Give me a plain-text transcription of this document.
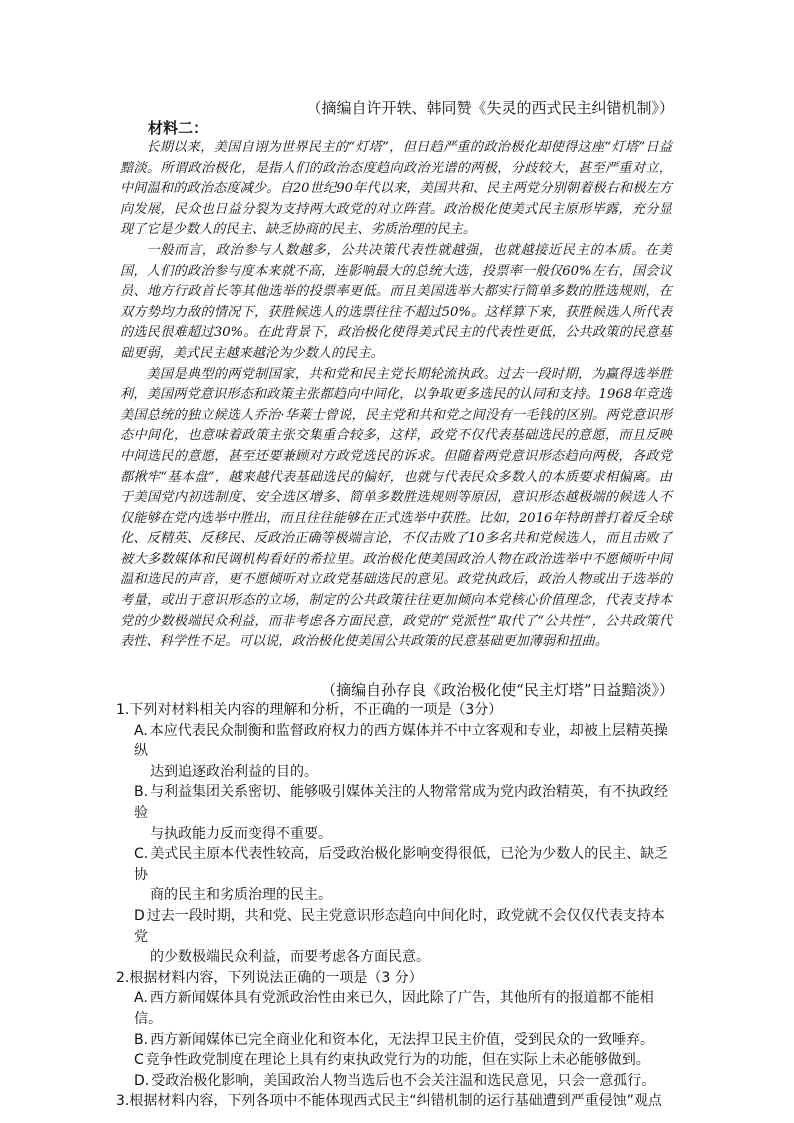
（摘编自许开轶、韩同赞《失灵的西式民主纠错机制》）
材料二：

长期以来，美国自诩为世界民主的“灯塔”，但日趋严重的政治极化却使得这座“灯塔”日益黯淡。所谓政治极化，是指人们的政治态度趋向政治光谱的两极，分歧较大，甚至严重对立，中间温和的政治态度减少。自20世纪90年代以来，美国共和、民主两党分别朝着极右和极左方向发展，民众也日益分裂为支持两大政党的对立阵营。政治极化使美式民主原形毕露，充分显现了它是少数人的民主、缺乏协商的民主、劣质治理的民主。

一般而言，政治参与人数越多，公共决策代表性就越强，也就越接近民主的本质。在美国，人们的政治参与度本来就不高，连影响最大的总统大选，投票率一般仅60%左右，国会议员、地方行政首长等其他选举的投票率更低。而且美国选举大都实行简单多数的胜选规则，在双方势均力敌的情况下，获胜候选人的选票往往不超过50%。这样算下来，获胜候选人所代表的选民很难超过30%。在此背景下，政治极化使得美式民主的代表性更低，公共政策的民意基础更弱，美式民主越来越沦为少数人的民主。

美国是典型的两党制国家，共和党和民主党长期轮流执政。过去一段时期，为赢得选举胜利，美国两党意识形态和政策主张都趋向中间化，以争取更多选民的认同和支持。1968年竞选美国总统的独立候选人乔治·华莱士曾说，民主党和共和党之间没有一毛钱的区别。两党意识形态中间化，也意味着政策主张交集重合较多，这样，政党不仅代表基础选民的意愿，而且反映中间选民的意愿，甚至还要兼顾对方政党选民的诉求。但随着两党意识形态趋向两极，各政党都揪牢“基本盘”，越来越代表基础选民的偏好，也就与代表民众多数人的本质要求相偏离。由于美国党内初选制度、安全选区增多、简单多数胜选规则等原因，意识形态越极端的候选人不仅能够在党内选举中胜出，而且往往能够在正式选举中获胜。比如，2016年特朗普打着反全球化、反精英、反移民、反政治正确等极端言论，不仅击败了10多名共和党候选人，而且击败了被大多数媒体和民调机构看好的希拉里。政治极化使美国政治人物在政治选举中不愿倾听中间温和选民的声音，更不愿倾听对立政党基础选民的意见。政党执政后，政治人物或出于选举的考量，或出于意识形态的立场，制定的公共政策往往更加倾向本党核心价值理念，代表支持本党的少数极端民众利益，而非考虑各方面民意，政党的“党派性”取代了“公共性”，公共政策代表性、科学性不足。可以说，政治极化使美国公共政策的民意基础更加薄弱和扭曲。

（摘编自孙存良《政治极化使“民主灯塔”日益黯淡》）
1.下列对材料相关内容的理解和分析，不正确的一项是（3分）
A. 本应代表民众制衡和监督政府权力的西方媒体并不中立客观和专业，却被上层精英操纵
达到追逐政治利益的目的。
B. 与利益集团关系密切、能够吸引媒体关注的人物常常成为党内政治精英，有不执政经验
与执政能力反而变得不重要。
C. 美式民主原本代表性较高，后受政治极化影响变得很低，已沦为少数人的民主、缺乏协
商的民主和劣质治理的民主。
D 过去一段时期，共和党、民主党意识形态趋向中间化时，政党就不会仅仅代表支持本党
的少数极端民众利益，而要考虑各方面民意。
2.根据材料内容，下列说法正确的一项是（3 分）
A. 西方新闻媒体具有党派政治性由来已久，因此除了广告，其他所有的报道都不能相信。
B. 西方新闻媒体已完全商业化和资本化，无法捍卫民主价值，受到民众的一致唾弃。
C 竞争性政党制度在理论上具有约束执政党行为的功能，但在实际上未必能够做到。
D. 受政治极化影响，美国政治人物当选后也不会关注温和选民意见，只会一意孤行。
3.根据材料内容，下列各项中不能体现西式民主“纠错机制的运行基础遭到严重侵蚀”观点
